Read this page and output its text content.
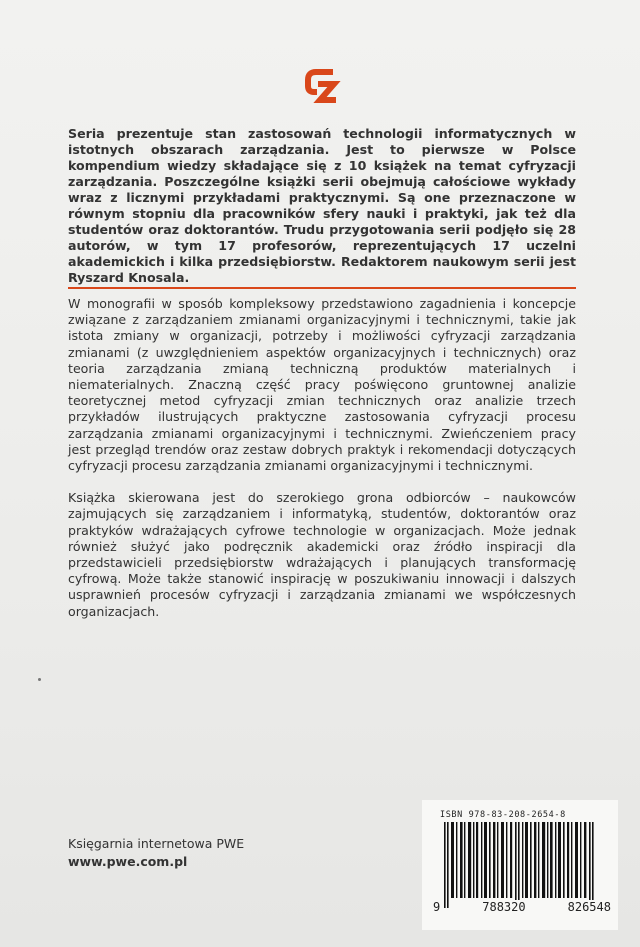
Seria prezentuje stan zastosowań technologii informatycznych w istotnych obszarach zarządzania. Jest to pierwsze w Polsce kompendium wiedzy składające się z 10 książek na temat cyfryzacji zarządzania. Poszczególne książki serii obejmują całościowe wykłady wraz z licznymi przykładami praktycznymi. Są one przeznaczone w równym stopniu dla pracowników sfery nauki i praktyki, jak też dla studentów oraz doktorantów. Trudu przygotowania serii podjęło się 28 autorów, w tym 17 profesorów, reprezentujących 17 uczelni akademickich i kilka przedsiębiorstw. Redaktorem naukowym serii jest Ryszard Knosala.

W monografii w sposób kompleksowy przedstawiono zagadnienia i koncepcje związane z zarządzaniem zmianami organizacyjnymi i technicznymi, takie jak istota zmiany w organizacji, potrzeby i możliwości cyfryzacji zarządzania zmianami (z uwzględnieniem aspektów organizacyjnych i technicznych) oraz teoria zarządzania zmianą techniczną produktów materialnych i niematerialnych. Znaczną część pracy poświęcono gruntownej analizie teoretycznej metod cyfryzacji zmian technicznych oraz analizie trzech przykładów ilustrujących praktyczne zastosowania cyfryzacji procesu zarządzania zmianami organizacyjnymi i technicznymi. Zwieńczeniem pracy jest przegląd trendów oraz zestaw dobrych praktyk i rekomendacji dotyczących cyfryzacji procesu zarządzania zmianami organizacyjnymi i technicznymi.

Książka skierowana jest do szerokiego grona odbiorców – naukowców zajmujących się zarządzaniem i informatyką, studentów, doktorantów oraz praktyków wdrażających cyfrowe technologie w organizacjach. Może jednak również służyć jako podręcznik akademicki oraz źródło inspiracji dla przedstawicieli przedsiębiorstw wdrażających i planujących transformację cyfrową. Może także stanowić inspirację w poszukiwaniu innowacji i dalszych usprawnień procesów cyfryzacji i zarządzania zmianami we współczesnych organizacjach.

Księgarnia internetowa PWE
www.pwe.com.pl
ISBN 978-83-208-2654-8
9	788320	826548
